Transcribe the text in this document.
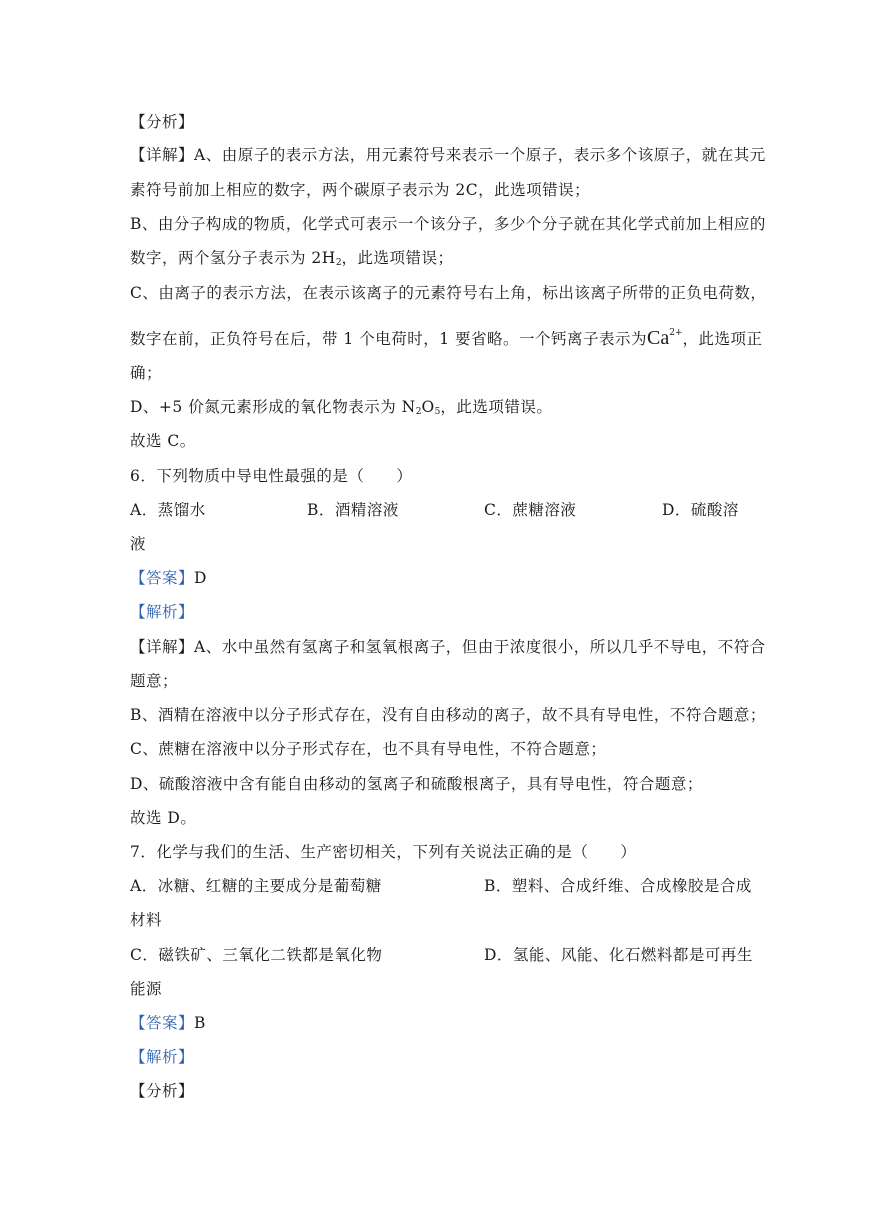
【分析】
【详解】A、由原子的表示方法，用元素符号来表示一个原子，表示多个该原子，就在其元
素符号前加上相应的数字，两个碳原子表示为 2C，此选项错误；
B、由分子构成的物质，化学式可表示一个该分子，多少个分子就在其化学式前加上相应的
数字，两个氢分子表示为 $2H_2$，此选项错误；
C、由离子的表示方法，在表示该离子的元素符号右上角，标出该离子所带的正负电荷数，
数字在前，正负符号在后，带 1 个电荷时，1 要省略。一个钙离子表示为$Ca^{2+}$，此选项正
确；
D、+5 价氮元素形成的氧化物表示为 $N_2O_5$，此选项错误。
故选 C。
6．下列物质中导电性最强的是（　　）
A．蒸馏水	B．酒精溶液	C．蔗糖溶液	D．硫酸溶
液
【答案】D
【解析】
【详解】A、水中虽然有氢离子和氢氧根离子，但由于浓度很小，所以几乎不导电，不符合
题意；
B、酒精在溶液中以分子形式存在，没有自由移动的离子，故不具有导电性，不符合题意；
C、蔗糖在溶液中以分子形式存在，也不具有导电性，不符合题意；
D、硫酸溶液中含有能自由移动的氢离子和硫酸根离子，具有导电性，符合题意；
故选 D。
7．化学与我们的生活、生产密切相关，下列有关说法正确的是（　　）
A．冰糖、红糖的主要成分是葡萄糖	B．塑料、合成纤维、合成橡胶是合成
材料
C．磁铁矿、三氧化二铁都是氧化物	D．氢能、风能、化石燃料都是可再生
能源
【答案】B
【解析】
【分析】
